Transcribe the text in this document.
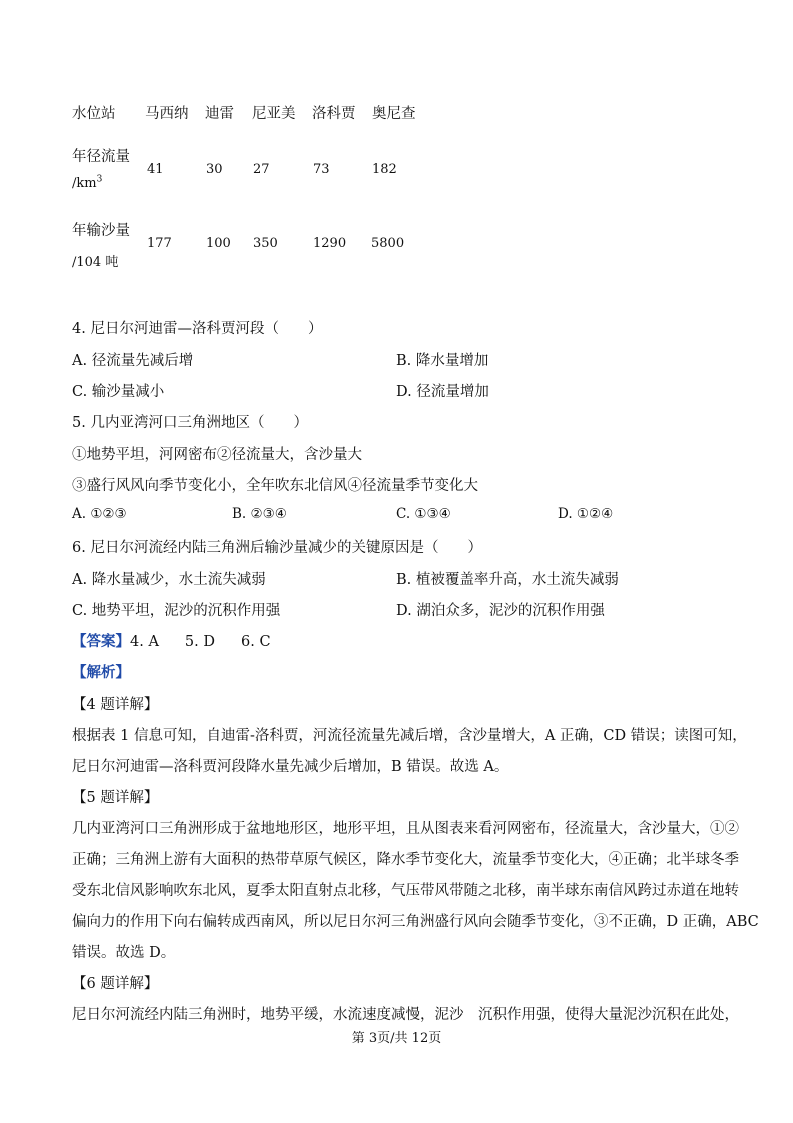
水位站 马西纳 迪雷 尼亚美 洛科贾 奥尼查
年径流量
$/km^3$
41	30 27	73	182
年输沙量
/104 吨
177	100 350	1290 5800
4. 尼日尔河迪雷—洛科贾河段（　　）
A. 径流量先减后增	B. 降水量增加
C. 输沙量减小	D. 径流量增加
5. 几内亚湾河口三角洲地区（　　）
①地势平坦，河网密布②径流量大，含沙量大
③盛行风风向季节变化小，全年吹东北信风④径流量季节变化大
A. ①②③	B. ②③④	C. ①③④	D. ①②④
6. 尼日尔河流经内陆三角洲后输沙量减少的关键原因是（　　）
A. 降水量减少，水土流失减弱	B. 植被覆盖率升高，水土流失减弱
C. 地势平坦，泥沙的沉积作用强	D. 湖泊众多，泥沙的沉积作用强
【答案】4. A 5. D 6. C
【解析】
【4 题详解】
根据表 1 信息可知，自迪雷-洛科贾，河流径流量先减后增，含沙量增大，A 正确，CD 错误；读图可知，
尼日尔河迪雷—洛科贾河段降水量先减少后增加，B 错误。故选 A。
【5 题详解】
几内亚湾河口三角洲形成于盆地地形区，地形平坦，且从图表来看河网密布，径流量大，含沙量大，①②
正确；三角洲上游有大面积的热带草原气候区，降水季节变化大，流量季节变化大，④正确；北半球冬季
受东北信风影响吹东北风，夏季太阳直射点北移，气压带风带随之北移，南半球东南信风跨过赤道在地转
偏向力的作用下向右偏转成西南风，所以尼日尔河三角洲盛行风向会随季节变化，③不正确，D 正确，ABC
错误。故选 D。
【6 题详解】
尼日尔河流经内陆三角洲时，地势平缓，水流速度减慢，泥沙　沉积作用强，使得大量泥沙沉积在此处，
第 3页/共 12页
